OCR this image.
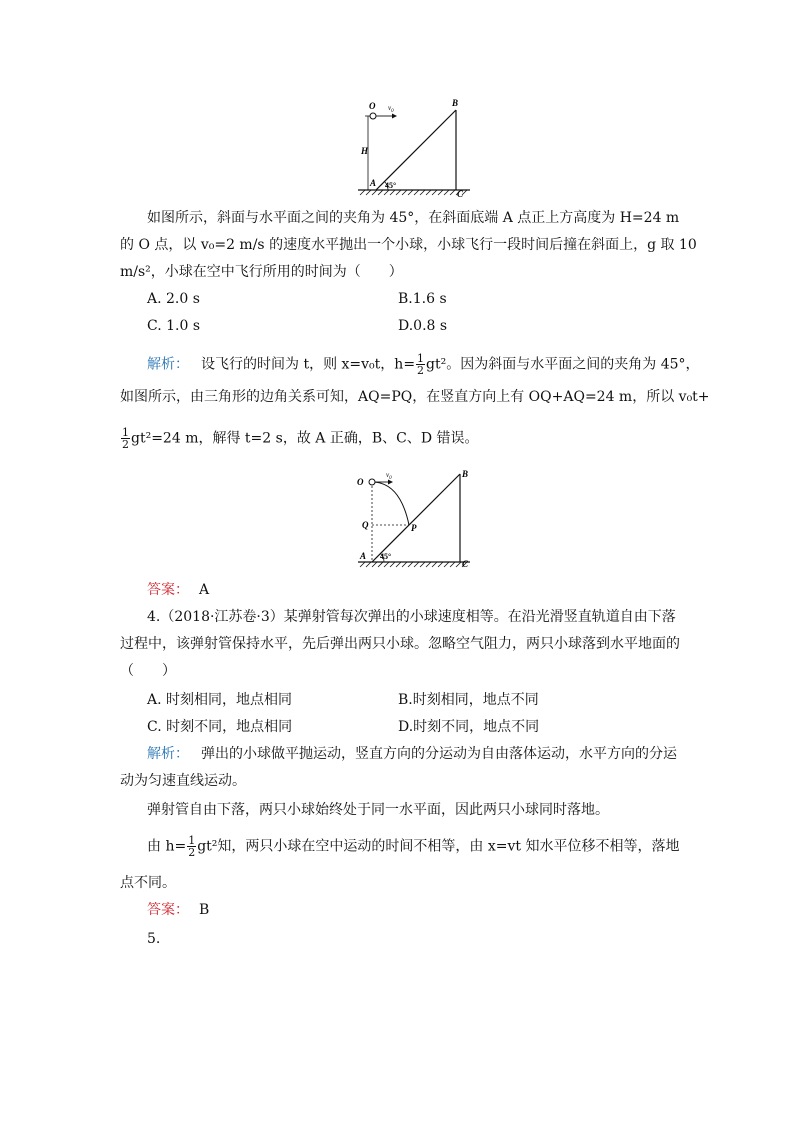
O $v_0$
B
H
A 45°
C
如图所示，斜面与水平面之间的夹角为 45°，在斜面底端 A 点正上方高度为 H=24 m
的 O 点，以 v₀=2 m/s 的速度水平抛出一个小球，小球飞行一段时间后撞在斜面上，g 取 10
m/s²，小球在空中飞行所用的时间为（　　）
A. 2.0 s	B.1.6 s
C. 1.0 s	D.0.8 s
解析： 设飞行的时间为 t，则 x=v₀t，$h= \frac{1}{2} gt^2$。因为斜面与水平面之间的夹角为 45°，
如图所示，由三角形的边角关系可知，AQ=PQ，在竖直方向上有 OQ+AQ=24 m，所以 v₀t+
$\frac{1}{2} gt^2=24$ m，解得 t=2 s，故 A 正确，B、C、D 错误。
O
$v_0$	B
Q	P
A 45°
C
答案： A
4.（2018·江苏卷·3）某弹射管每次弹出的小球速度相等。在沿光滑竖直轨道自由下落
过程中，该弹射管保持水平，先后弹出两只小球。忽略空气阻力，两只小球落到水平地面的
（　　）
A. 时刻相同，地点相同	B.时刻相同，地点不同
C. 时刻不同，地点相同	D.时刻不同，地点不同
解析： 弹出的小球做平抛运动，竖直方向的分运动为自由落体运动，水平方向的分运
动为匀速直线运动。
弹射管自由下落，两只小球始终处于同一水平面，因此两只小球同时落地。
由 $h= \frac{1}{2} gt^2$知，两只小球在空中运动的时间不相等，由 x=vt 知水平位移不相等，落地
点不同。
答案： B
5.
